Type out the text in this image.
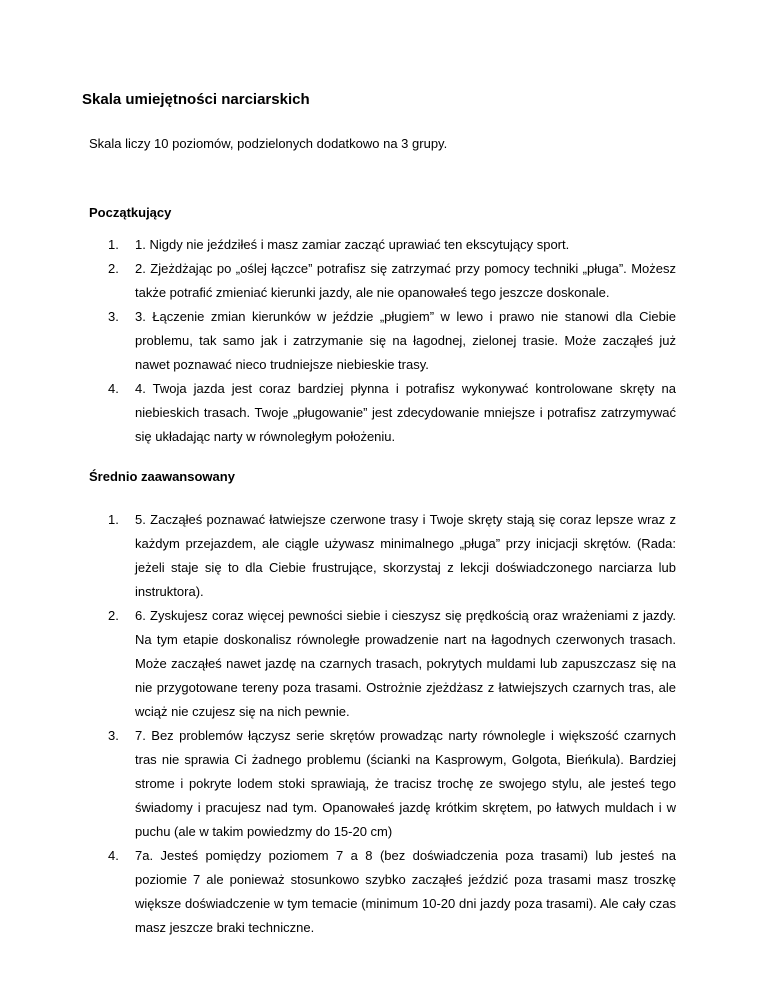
Skala umiejętności narciarskich

Skala liczy 10 poziomów, podzielonych dodatkowo na 3 grupy.

Początkujący
1. 1. Nigdy nie jeździłeś i masz zamiar zacząć uprawiać ten ekscytujący sport.
2. 2. Zjeżdżając po „oślej łączce” potrafisz się zatrzymać przy pomocy techniki „pługa”. Możesz także potrafić zmieniać kierunki jazdy, ale nie opanowałeś tego jeszcze doskonale.
3. 3. Łączenie zmian kierunków w jeździe „pługiem” w lewo i prawo nie stanowi dla Ciebie problemu, tak samo jak i zatrzymanie się na łagodnej, zielonej trasie. Może zacząłeś już nawet poznawać nieco trudniejsze niebieskie trasy.
4. 4. Twoja jazda jest coraz bardziej płynna i potrafisz wykonywać kontrolowane skręty na niebieskich trasach. Twoje „pługowanie” jest zdecydowanie mniejsze i potrafisz zatrzymywać się układając narty w równoległym położeniu.
Średnio zaawansowany
1. 5. Zacząłeś poznawać łatwiejsze czerwone trasy i Twoje skręty stają się coraz lepsze wraz z każdym przejazdem, ale ciągle używasz minimalnego „pługa” przy inicjacji skrętów. (Rada: jeżeli staje się to dla Ciebie frustrujące, skorzystaj z lekcji doświadczonego narciarza lub instruktora).
2. 6. Zyskujesz coraz więcej pewności siebie i cieszysz się prędkością oraz wrażeniami z jazdy. Na tym etapie doskonalisz równoległe prowadzenie nart na łagodnych czerwonych trasach. Może zacząłeś nawet jazdę na czarnych trasach, pokrytych muldami lub zapuszczasz się na nie przygotowane tereny poza trasami. Ostrożnie zjeżdżasz z łatwiejszych czarnych tras, ale wciąż nie czujesz się na nich pewnie.
3. 7. Bez problemów łączysz serie skrętów prowadząc narty równolegle i większość czarnych tras nie sprawia Ci żadnego problemu (ścianki na Kasprowym, Golgota, Bieńkula). Bardziej strome i pokryte lodem stoki sprawiają, że tracisz trochę ze swojego stylu, ale jesteś tego świadomy i pracujesz nad tym. Opanowałeś jazdę krótkim skrętem, po łatwych muldach i w puchu (ale w takim powiedzmy do 15-20 cm)
4. 7a. Jesteś pomiędzy poziomem 7 a 8 (bez doświadczenia poza trasami) lub jesteś na poziomie 7 ale ponieważ stosunkowo szybko zacząłeś jeździć poza trasami masz troszkę większe doświadczenie w tym temacie (minimum 10-20 dni jazdy poza trasami). Ale cały czas masz jeszcze braki techniczne.
